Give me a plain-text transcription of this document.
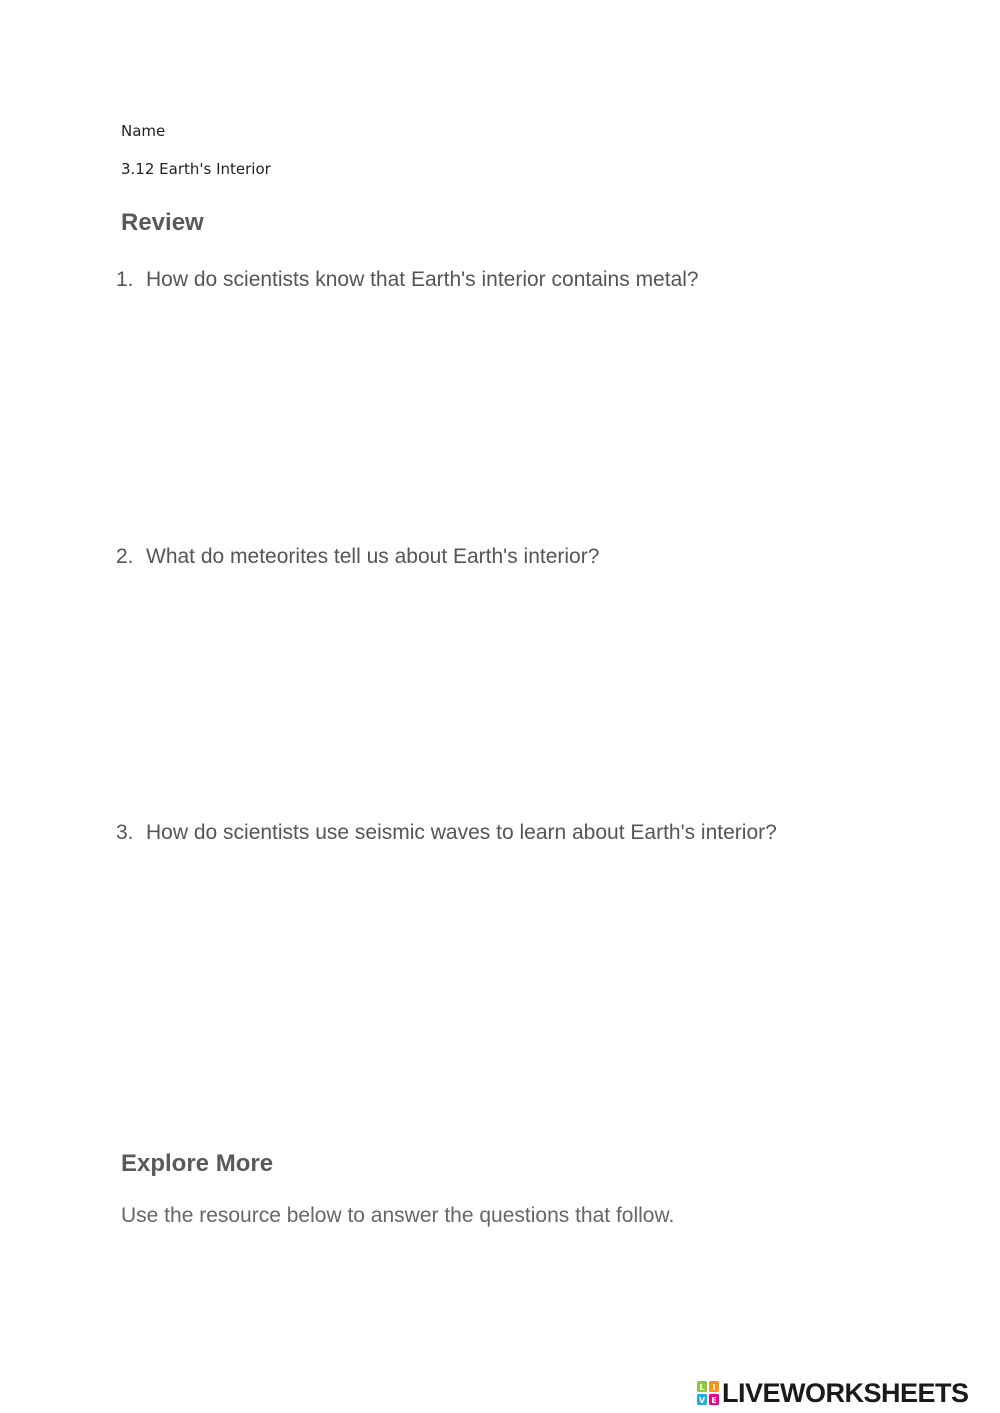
Name
3.12 Earth's Interior
Review
1. How do scientists know that Earth's interior contains metal?
2. What do meteorites tell us about Earth's interior?
3. How do scientists use seismic waves to learn about Earth's interior?
Explore More
Use the resource below to answer the questions that follow.
L I
V E LIVEWORKSHEETS
